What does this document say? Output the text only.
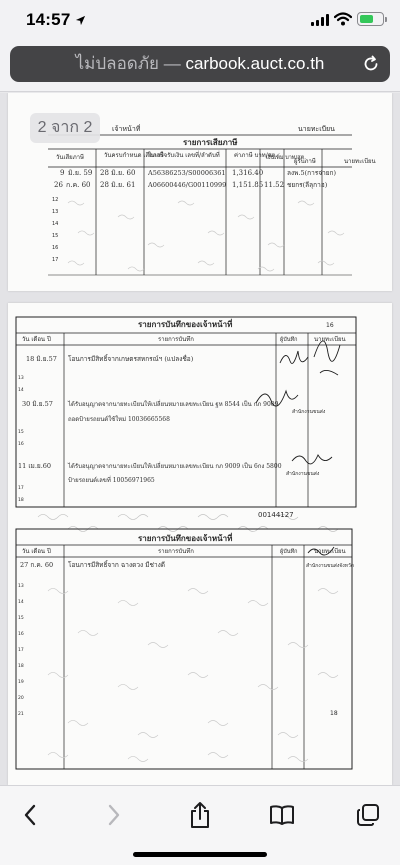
14:57
ไม่ปลอดภัย — carbook.auct.co.th
เจ้าหน้าที่	นายทะเบียน
รายการเสียภาษี
วันเสียภาษี	วันครบกำหนด เสียภาษี
ใบเสร็จรับเงิน เลขที่/ลำดับที่ ค่าภาษี บาท/สต.
เงินเพิ่ม บาท/สต.
ผู้รับภาษี	นายทะเบียน
9 มิ.ย. 59 28 มิ.ย. 60 A56386253/S00006361 1,316.40	ลงพ.5(การจ่ายก)
26 ก.ค. 60 28 มิ.ย. 61 A06600446/G00110999 1,151.85 11.52 ชยกร(ลีลุกาฮ)
12
13
14
15
16
17
2 จาก 2
รายการบันทึกของเจ้าหน้าที่	16
วัน เดือน ปี	รายการบันทึก	ผู้บันทึก	นายทะเบียน
18 มิ.ย.57 โอนการมีสิทธิ์จากเกษตรสหกรณ์ฯ (แปลงชื่อ)
30 มิ.ย.57	ได้รับอนุญาตจากนายทะเบียนให้เปลี่ยนหมายเลขทะเบียน ฐห 8544 เป็น กภ 9009
ถอดป้ายรถยนต์ใช้ใหม่ 10036665568
11 เม.ย.60	ได้รับอนุญาตจากนายทะเบียนให้เปลี่ยนหมายเลขทะเบียน กภ 9009 เป็น 6กง 5800
ป้ายรถยนต์เลขที่ 10056971965
สำนักงานขนส่ง
สำนักงานขนส่ง
13
14
15
16
17
18
00144127
รายการบันทึกของเจ้าหน้าที่
วัน เดือน ปี	รายการบันทึก	ผู้บันทึก	นายทะเบียน
27 ก.ค. 60 โอนการมีสิทธิ์จาก ฉางดวง มีช่างดี	สำนักงานขนส่งจังหวัด
13
14
15
16
17
18
19
20
21	18
